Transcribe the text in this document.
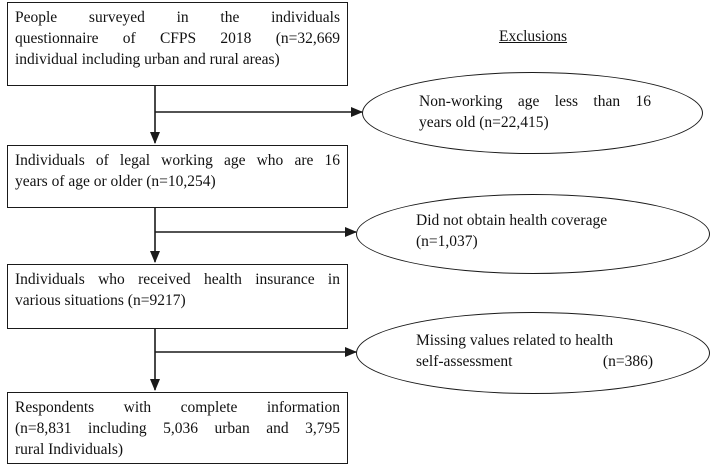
Exclusions
People surveyed in the individuals
questionnaire of CFPS 2018 (n=32,669
individual including urban and rural areas)
Individuals of legal working age who are 16
years of age or older (n=10,254)
Individuals who received health insurance in
various situations (n=9217)
Respondents with complete information
(n=8,831 including 5,036 urban and 3,795
rural Individuals)
Non-working age less than 16
years old (n=22,415)
Did not obtain health coverage
(n=1,037)
Missing values related to health
self-assessment	(n=386)
